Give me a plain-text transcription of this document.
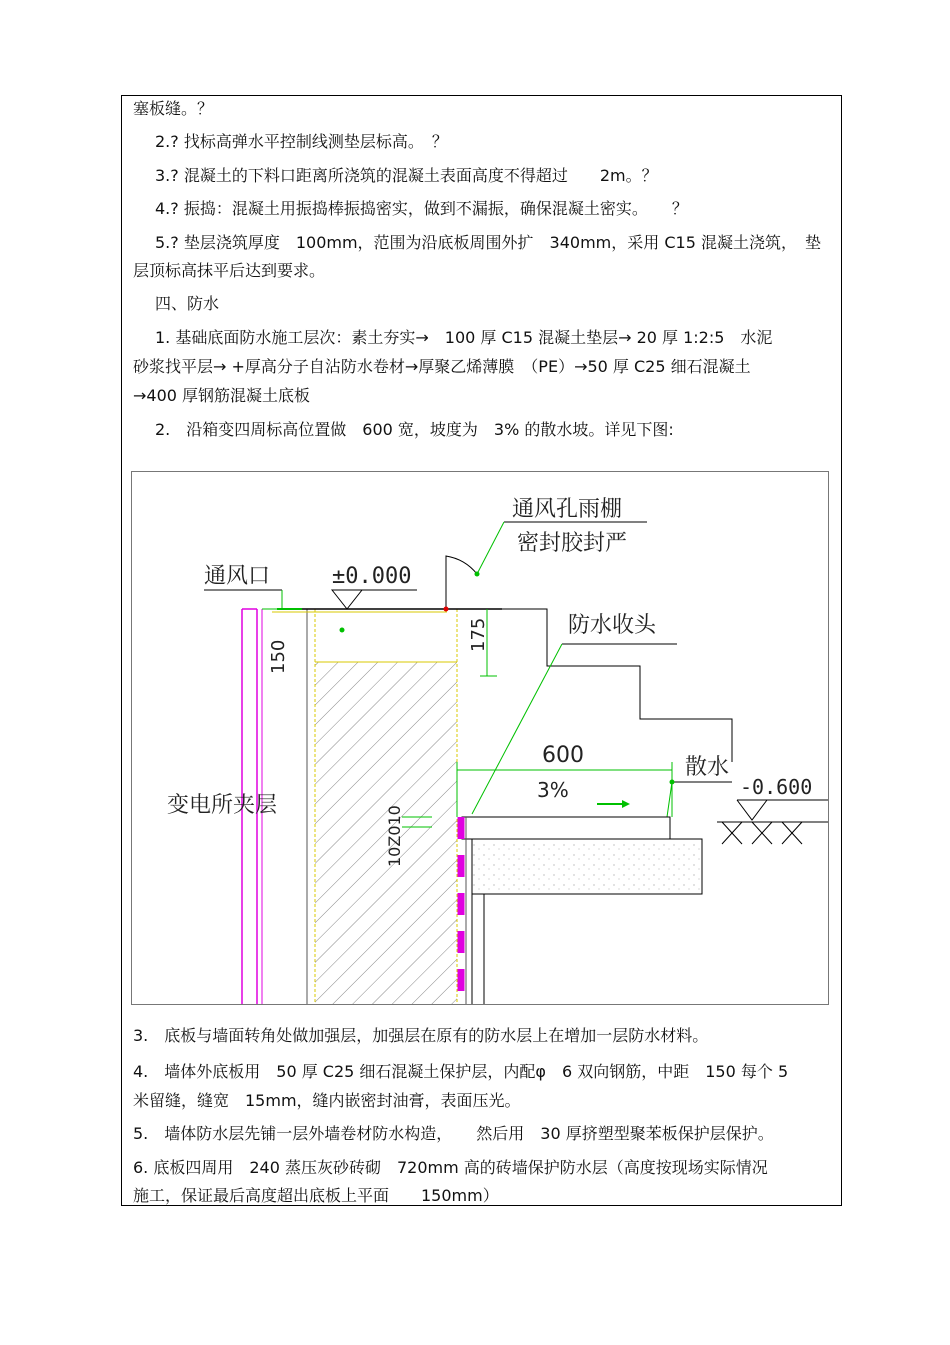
塞板缝。？
2.? 找标高弹水平控制线测垫层标高。　？
3.? 混凝土的下料口距离所浇筑的混凝土表面高度不得超过　　2m。？
4.? 振捣：混凝土用振捣棒振捣密实，做到不漏振，确保混凝土密实。　　？
5.? 垫层浇筑厚度　100mm，范围为沿底板周围外扩　340mm，采用 C15 混凝土浇筑，　垫
层顶标高抹平后达到要求。
四、防水
1. 基础底面防水施工层次：素土夯实→　100 厚 C15 混凝土垫层→ 20 厚 1:2:5　水泥
砂浆找平层→ +厚高分子自沾防水卷材→厚聚乙烯薄膜　（PE）→50 厚 C25 细石混凝土
→400 厚钢筋混凝土底板
2.　沿箱变四周标高位置做　600 宽，坡度为　3% 的散水坡。详见下图:
±0.000
通风口
通风孔雨棚
密封胶封严
150
175	防水收头
600
3%
散水
-0.600
10Z010
变电所夹层
3.　底板与墙面转角处做加强层，加强层在原有的防水层上在增加一层防水材料。
4.　墙体外底板用　50 厚 C25 细石混凝土保护层，内配φ　6 双向钢筋，中距　150 每个 5
米留缝，缝宽　15mm，缝内嵌密封油膏，表面压光。
5.　墙体防水层先铺一层外墙卷材防水构造，　　然后用　30 厚挤塑型聚苯板保护层保护。
6. 底板四周用　240 蒸压灰砂砖砌　720mm 高的砖墙保护防水层（高度按现场实际情况
施工，保证最后高度超出底板上平面　　150mm）
